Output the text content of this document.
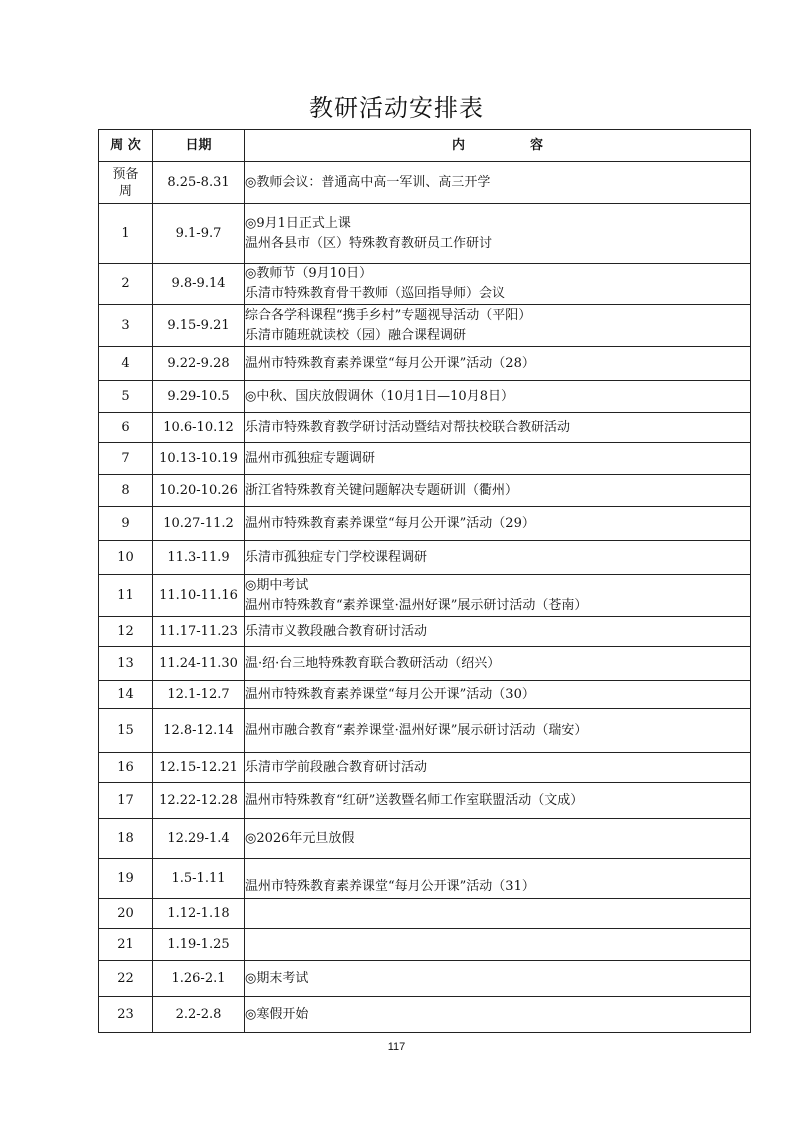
教研活动安排表
周 次	日期	内　　　　　容
预备周	8.25-8.31	◎教师会议：普通高中高一军训、高三开学

1	9.1-9.7	◎9月1日正式上课
温州各县市（区）特殊教育教研员工作研讨

2	9.8-9.14	◎教师节（9月10日）
乐清市特殊教育骨干教师（巡回指导师）会议

3	9.15-9.21	综合各学科课程“携手乡村”专题视导活动（平阳）
乐清市随班就读校（园）融合课程调研

4	9.22-9.28	温州市特殊教育素养课堂“每月公开课”活动（28）

5	9.29-10.5	◎中秋、国庆放假调休（10月1日—10月8日）

6	10.6-10.12	乐清市特殊教育教学研讨活动暨结对帮扶校联合教研活动

7	10.13-10.19	温州市孤独症专题调研

8	10.20-10.26	浙江省特殊教育关键问题解决专题研训（衢州）

9	10.27-11.2	温州市特殊教育素养课堂“每月公开课”活动（29）

10	11.3-11.9	乐清市孤独症专门学校课程调研

11	11.10-11.16	◎期中考试
温州市特殊教育“素养课堂·温州好课”展示研讨活动（苍南）

12	11.17-11.23	乐清市义教段融合教育研讨活动

13	11.24-11.30	温·绍·台三地特殊教育联合教研活动（绍兴）

14	12.1-12.7	温州市特殊教育素养课堂“每月公开课”活动（30）

15	12.8-12.14	温州市融合教育“素养课堂·温州好课”展示研讨活动（瑞安）

16	12.15-12.21	乐清市学前段融合教育研讨活动

17	12.22-12.28	温州市特殊教育“红研”送教暨名师工作室联盟活动（文成）

18	12.29-1.4	◎2026年元旦放假

19	1.5-1.11	温州市特殊教育素养课堂“每月公开课”活动（31）

20	1.12-1.18	
21	1.19-1.25	
22	1.26-2.1	◎期末考试

23	2.2-2.8	◎寒假开始
117
